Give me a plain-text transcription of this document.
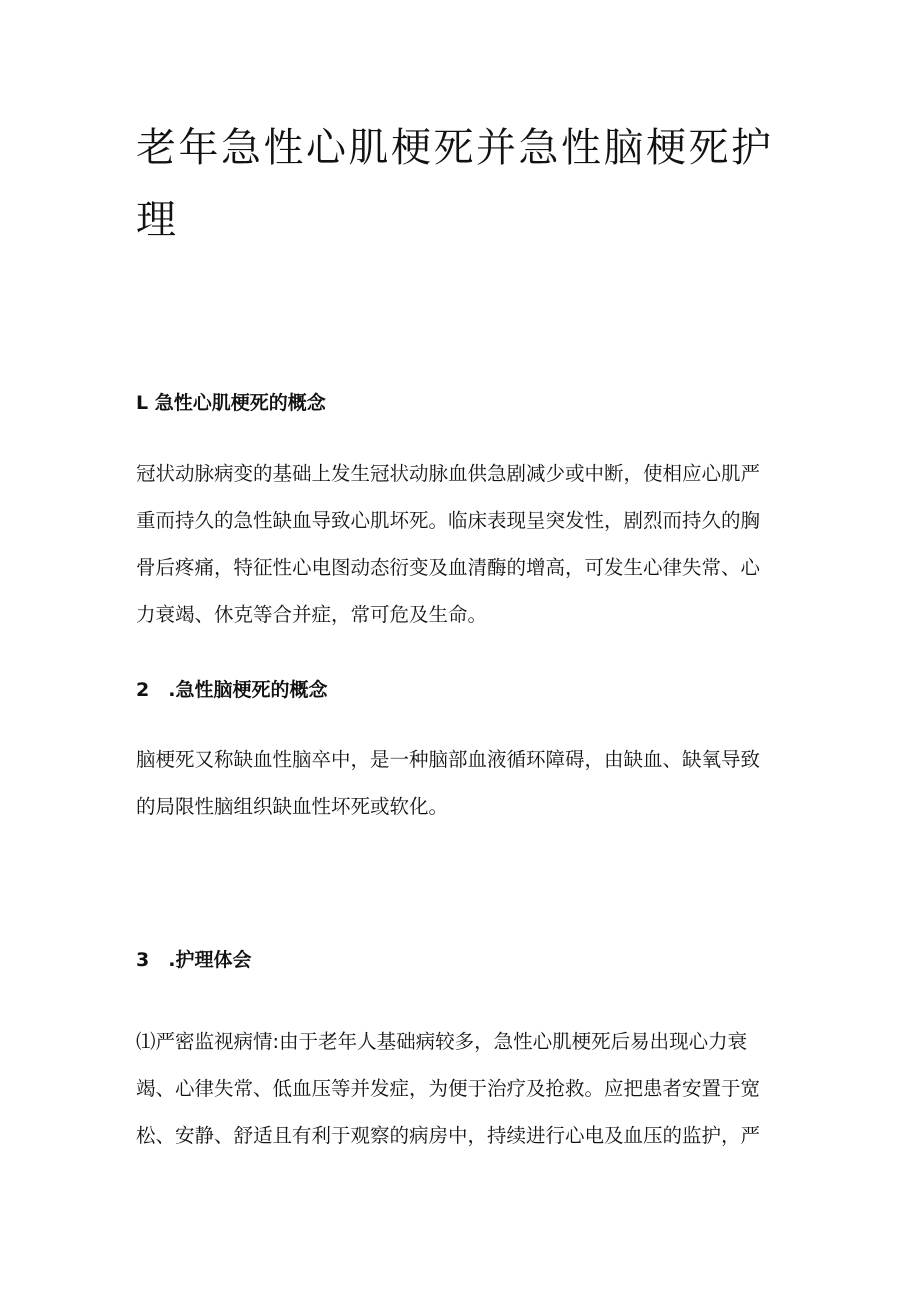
老年急性心肌梗死并急性脑梗死护
理
L 急性心肌梗死的概念

冠状动脉病变的基础上发生冠状动脉血供急剧减少或中断，使相应心肌严
重而持久的急性缺血导致心肌坏死。临床表现呈突发性，剧烈而持久的胸
骨后疼痛，特征性心电图动态衍变及血清酶的增高，可发生心律失常、心
力衰竭、休克等合并症，常可危及生命。

2　.急性脑梗死的概念

脑梗死又称缺血性脑卒中，是一种脑部血液循环障碍，由缺血、缺氧导致
的局限性脑组织缺血性坏死或软化。

3　.护理体会

⑴严密监视病情:由于老年人基础病较多，急性心肌梗死后易出现心力衰
竭、心律失常、低血压等并发症，为便于治疗及抢救。应把患者安置于宽
松、安静、舒适且有利于观察的病房中，持续进行心电及血压的监护，严
